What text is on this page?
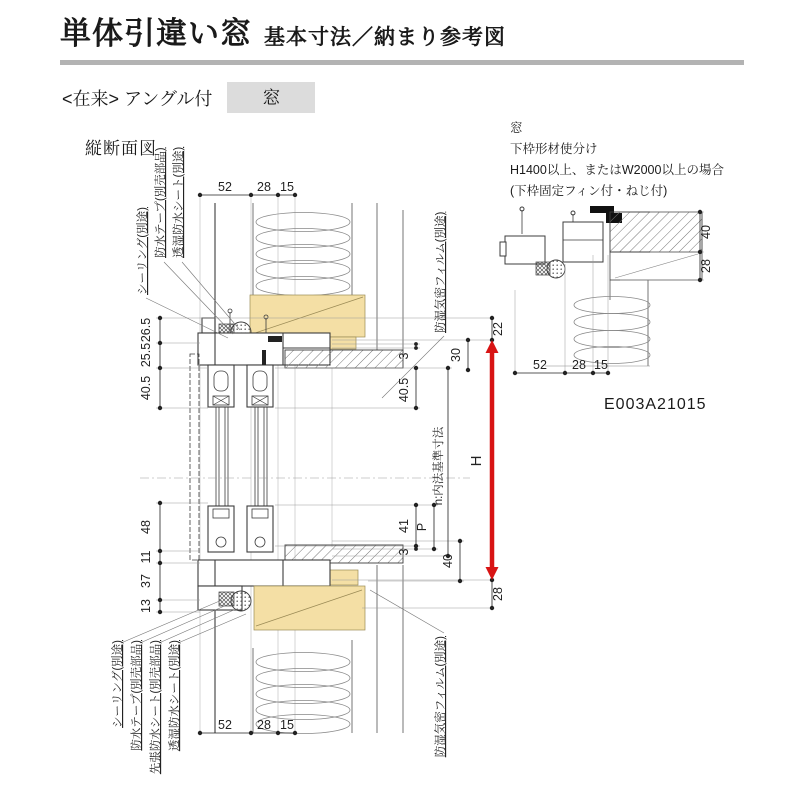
単体引違い窓 基本寸法／納まり参考図
<在来> アングル付	窓
縦断面図
窓
下枠形材使分け
H1400以上、またはW2000以上の場合
(下枠固定フィン付・ねじ付)
E003A21015
52 28 15
52 28 15
26.5
25.5
40.5
48
11
37
13
22
30
3
40.5
41
3
40
28
P
h:内法基準寸法 H
シーリング(別途) 防水テープ(別売部品) 透湿防水シート(別途)
防湿気密フィルム(別途)
シーリング(別途) 防水テープ(別売部品) 先張防水シート(別売部品) 透湿防水シート(別途)	防湿気密フィルム(別途)
40
28
52 28 15
